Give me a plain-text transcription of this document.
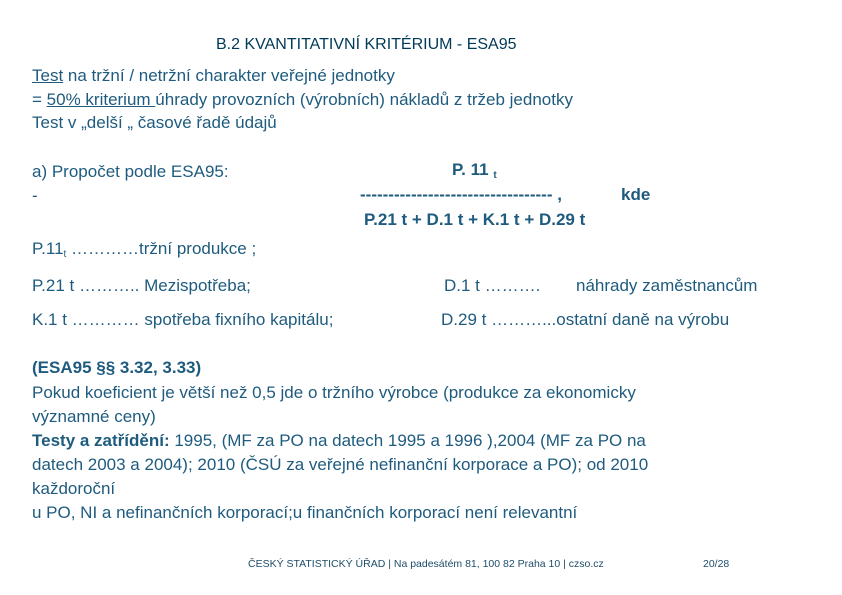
B.2 KVANTITATIVNÍ KRITÉRIUM - ESA95
Test na tržní / netržní charakter veřejné jednotky
= 50% kriterium úhrady provozních (výrobních) nákladů z tržeb jednotky
Test v „delší „ časové řadě údajů
a) Propočet podle ESA95:
-
P. 11 $_t$
---------------------------------- ,	kde
P.21 t + D.1 t + K.1 t + D.29 t
$P.11_t$ …………tržní produkce ;
P.21 t ……….. Mezispotřeba;	D.1 t ………. náhrady zaměstnancům
K.1 t ………… spotřeba fixního kapitálu;	D.29 t ………...ostatní daně na výrobu
(ESA95 §§ 3.32, 3.33)
Pokud koeficient je větší než 0,5 jde o tržního výrobce (produkce za ekonomicky
významné ceny)
Testy a zatřídění: 1995, (MF za PO na datech 1995 a 1996 ),2004 (MF za PO na
datech 2003 a 2004); 2010 (ČSÚ za veřejné nefinanční korporace a PO); od 2010
každoroční
u PO, NI a nefinančních korporací;u finančních korporací není relevantní
ČESKÝ STATISTICKÝ ÚŘAD | Na padesátém 81, 100 82 Praha 10 | czso.cz	20/28
